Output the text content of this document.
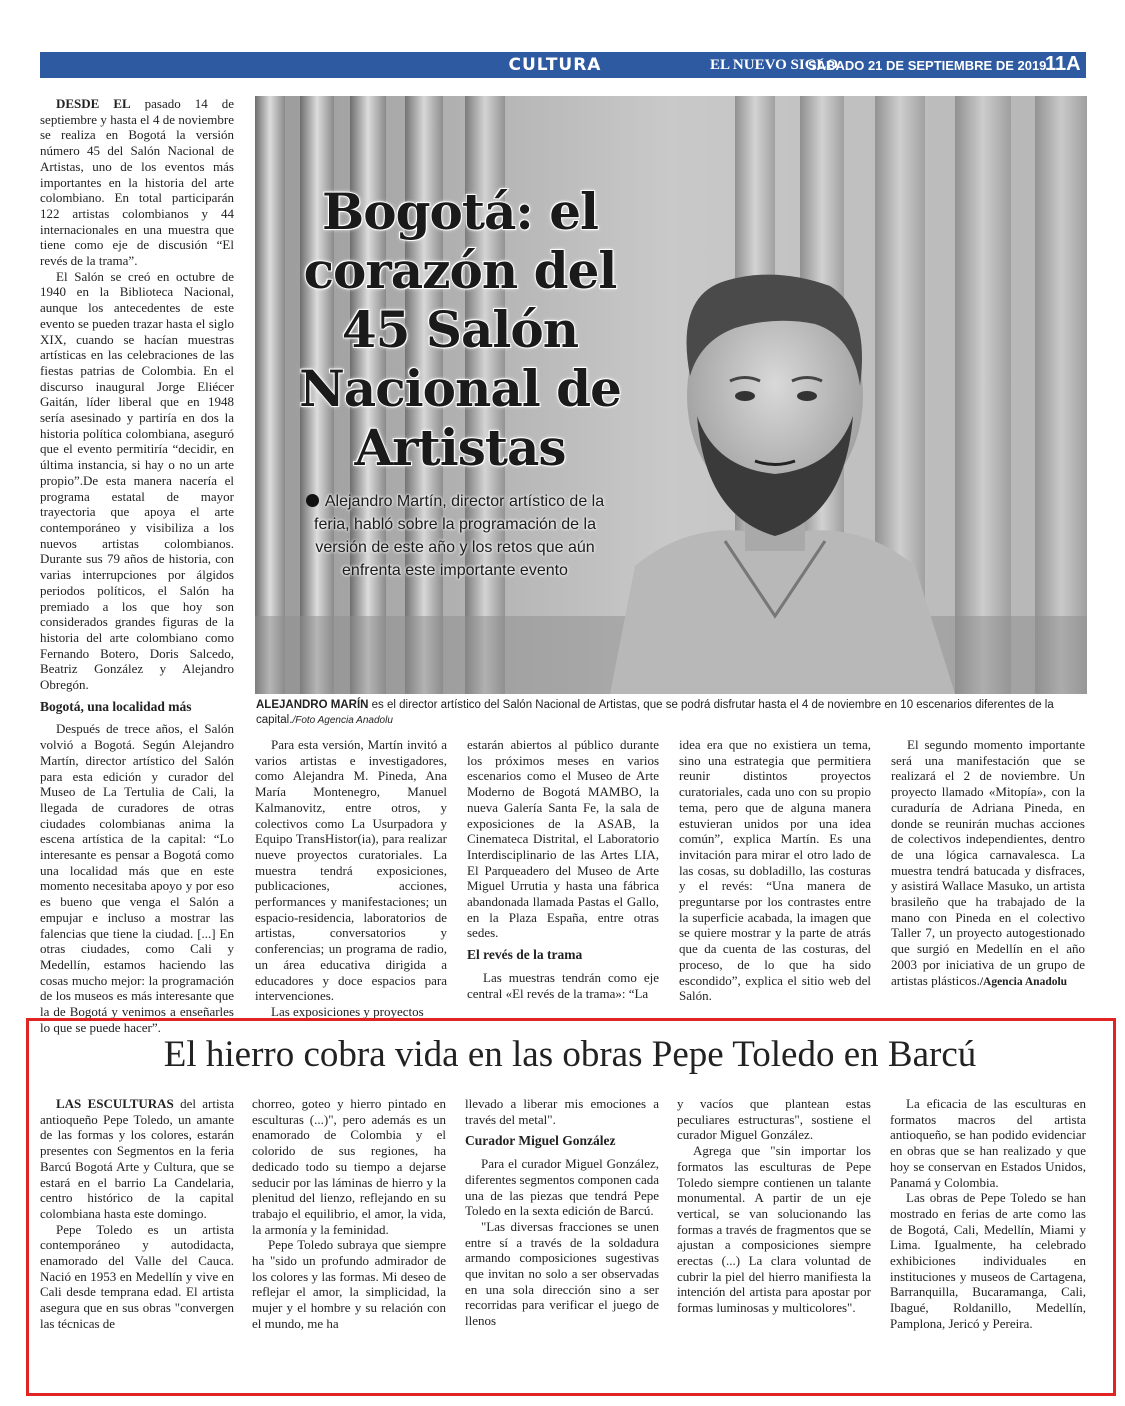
CULTURA	EL NUEVO SIGLO
SÁBADO 21 DE SEPTIEMBRE DE 2019
11A

DESDE EL pasado 14 de septiembre y hasta el 4 de noviembre se realiza en Bogotá la versión número 45 del Salón Nacional de Artistas, uno de los eventos más importantes en la historia del arte colombiano. En total participarán 122 artistas colombianos y 44 internacionales en una muestra que tiene como eje de discusión “El revés de la trama”.

El Salón se creó en octubre de 1940 en la Biblioteca Nacional, aunque los antecedentes de este evento se pueden trazar hasta el siglo XIX, cuando se hacían muestras artísticas en las celebraciones de las fiestas patrias de Colombia. En el discurso inaugural Jorge Eliécer Gaitán, líder liberal que en 1948 sería asesinado y partiría en dos la historia política colombiana, aseguró que el evento permitiría “decidir, en última instancia, si hay o no un arte propio”.De esta manera nacería el programa estatal de mayor trayectoria que apoya el arte contemporáneo y visibiliza a los nuevos artistas colombianos. Durante sus 79 años de historia, con varias interrupciones por álgidos periodos políticos, el Salón ha premiado a los que hoy son considerados grandes figuras de la historia del arte colombiano como Fernando Botero, Doris Salcedo, Beatriz González y Alejandro Obregón.

Bogotá, una localidad más

Después de trece años, el Salón volvió a Bogotá. Según Alejandro Martín, director artístico del Salón para esta edición y curador del Museo de La Tertulia de Cali, la llegada de curadores de otras ciudades colombianas anima la escena artística de la capital: “Lo interesante es pensar a Bogotá como una localidad más que en este momento necesitaba apoyo y por eso es bueno que venga el Salón a empujar e incluso a mostrar las falencias que tiene la ciudad. [...] En otras ciudades, como Cali y Medellín, estamos haciendo las cosas mucho mejor: la programación de los museos es más interesante que la de Bogotá y venimos a enseñarles lo que se puede hacer”.

Bogotá: el corazón del 45 Salón Nacional de Artistas
Alejandro Martín, director artístico de la feria, habló sobre la programación de la versión de este año y los retos que aún enfrenta este importante evento
ALEJANDRO MARÍN es el director artístico del Salón Nacional de Artistas, que se podrá disfrutar hasta el 4 de noviembre en 10 escenarios diferentes de la capital./Foto Agencia Anadolu

Para esta versión, Martín invitó a varios artistas e investigadores, como Alejandra M. Pineda, Ana María Montenegro, Manuel Kalmanovitz, entre otros, y colectivos como La Usurpadora y Equipo TransHistor(ia), para realizar nueve proyectos curatoriales. La muestra tendrá exposiciones, publicaciones, acciones, performances y manifestaciones; un espacio-residencia, laboratorios de artistas, conversatorios y conferencias; un programa de radio, un área educativa dirigida a educadores y doce espacios para intervenciones.

Las exposiciones y proyectos

estarán abiertos al público durante los próximos meses en varios escenarios como el Museo de Arte Moderno de Bogotá MAMBO, la nueva Galería Santa Fe, la sala de exposiciones de la ASAB, la Cinemateca Distrital, el Laboratorio Interdisciplinario de las Artes LIA, El Parqueadero del Museo de Arte Miguel Urrutia y hasta una fábrica abandonada llamada Pastas el Gallo, en la Plaza España, entre otras sedes.

El revés de la trama

Las muestras tendrán como eje central «El revés de la trama»: “La

idea era que no existiera un tema, sino una estrategia que permitiera reunir distintos proyectos curatoriales, cada uno con su propio tema, pero que de alguna manera estuvieran unidos por una idea común”, explica Martín. Es una invitación para mirar el otro lado de las cosas, su dobladillo, las costuras y el revés: “Una manera de preguntarse por los contrastes entre la superficie acabada, la imagen que se quiere mostrar y la parte de atrás que da cuenta de las costuras, del proceso, de lo que ha sido escondido”, explica el sitio web del Salón.

El segundo momento importante será una manifestación que se realizará el 2 de noviembre. Un proyecto llamado «Mitopía», con la curaduría de Adriana Pineda, en donde se reunirán muchas acciones de colectivos independientes, dentro de una lógica carnavalesca. La muestra tendrá batucada y disfraces, y asistirá Wallace Masuko, un artista brasileño que ha trabajado de la mano con Pineda en el colectivo Taller 7, un proyecto autogestionado que surgió en Medellín en el año 2003 por iniciativa de un grupo de artistas plásticos./Agencia Anadolu

El hierro cobra vida en las obras Pepe Toledo en Barcú

LAS ESCULTURAS del artista antioqueño Pepe Toledo, un amante de las formas y los colores, estarán presentes con Segmentos en la feria Barcú Bogotá Arte y Cultura, que se estará en el barrio La Candelaria, centro histórico de la capital colombiana hasta este domingo.

Pepe Toledo es un artista contemporáneo y autodidacta, enamorado del Valle del Cauca. Nació en 1953 en Medellín y vive en Cali desde temprana edad. El artista asegura que en sus obras "convergen las técnicas de

chorreo, goteo y hierro pintado en esculturas (...)", pero además es un enamorado de Colombia y el colorido de sus regiones, ha dedicado todo su tiempo a dejarse seducir por las láminas de hierro y la plenitud del lienzo, reflejando en su trabajo el equilibrio, el amor, la vida, la armonía y la feminidad.

Pepe Toledo subraya que siempre ha "sido un profundo admirador de los colores y las formas. Mi deseo de reflejar el amor, la simplicidad, la mujer y el hombre y su relación con el mundo, me ha

llevado a liberar mis emociones a través del metal".

Curador Miguel González

Para el curador Miguel González, diferentes segmentos componen cada una de las piezas que tendrá Pepe Toledo en la sexta edición de Barcú.

"Las diversas fracciones se unen entre sí a través de la soldadura armando composiciones sugestivas que invitan no solo a ser observadas en una sola dirección sino a ser recorridas para verificar el juego de llenos

y vacíos que plantean estas peculiares estructuras", sostiene el curador Miguel González.

Agrega que "sin importar los formatos las esculturas de Pepe Toledo siempre contienen un talante monumental. A partir de un eje vertical, se van solucionando las formas a través de fragmentos que se ajustan a composiciones siempre erectas (...) La clara voluntad de cubrir la piel del hierro manifiesta la intención del artista para apostar por formas luminosas y multicolores".

La eficacia de las esculturas en formatos macros del artista antioqueño, se han podido evidenciar en obras que se han realizado y que hoy se conservan en Estados Unidos, Panamá y Colombia.

Las obras de Pepe Toledo se han mostrado en ferias de arte como las de Bogotá, Cali, Medellín, Miami y Lima. Igualmente, ha celebrado exhibiciones individuales en instituciones y museos de Cartagena, Barranquilla, Bucaramanga, Cali, Ibagué, Roldanillo, Medellín, Pamplona, Jericó y Pereira.
